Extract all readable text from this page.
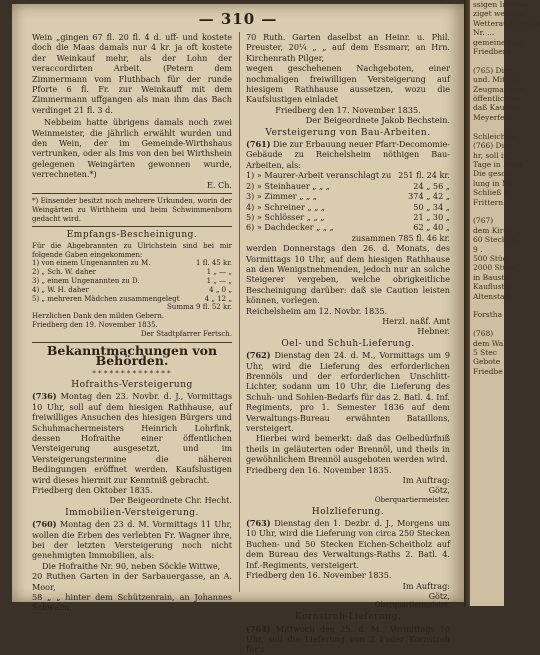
— 310 —

Wein „gingen 67 fl. 20 fl. 4 d. uff- und kostete doch die Maas damals nur 4 kr. ja oft kostete der Weinkauf mehr, als der Lohn der veraccordirten Arbeit. (Petern dem Zimmermann vom Fluthbach für der runde Pforte 6 fl. Fr. zur Weinkauff mit dem Zimmermann uffgangen als man ihm das Bach verdinget 21 fl. 3 d.

Nebbeim hatte übrigens damals noch zwei Weinmeister, die jährlich erwählt wurden und den Wein, der im Gemeinde-Wirthshaus vertrunken, oder als Ims von den bei Wirthshein gelegenen Weingärten gewonnen wurde, verrechneten.*)

E. Ch.

*) Einsender besitzt noch mehrere Urkunden, worin der Weingärten zu Wirthheim und beim Schwimmenborn gedacht wird.

Empfangs-Bescheinigung.

Für die Abgebrannten zu Ulrichstein sind bei mir folgende Gaben eingekommen:

1) von einem Ungenannten zu M.	1 fl. 45 kr.
2) „ Sch. W. daher	1 „ — „
3) „ einem Ungenannten zu D.	1 „ — „
4) „ W. H. daher	4 „ 0 „
5) „ mehreren Mädchen zusammengelegt	4 „ 12 „
Summa 9 fl. 52 kr.

Herzlichen Dank den milden Gebern.

Friedberg den 19. November 1835.

Der Stadtpfarrer Fertsch.

Bekanntmachungen von Behörden.
∗∗∗∗∗∗∗∗∗∗∗∗∗∗
Hofraiths-Versteigerung

(736) Montag den 23. Novbr. d. J., Vormittags 10 Uhr, soll auf dem hiesigen Rathhause, auf freiwilliges Ansuchen des hiesigen Bürgers und Schuhmachermeisters Heinrich Lohrfink, dessen Hofraithe einer öffentlichen Versteigerung ausgesetzt, und im Versteigerungstermine die näheren Bedingungen eröffnet werden. Kaufslustigen wird dieses hiermit zur Kenntniß gebracht.

Friedberg den Oktober 1835.

Der Beigeordnete Chr. Hecht.

Immobilien-Versteigerung.

(760) Montag den 23 d. M. Vormittags 11 Uhr, wollen die Erben des verlebten Fr. Wagner ihre, bei der letzten Versteigerung noch nicht genehmigten Immobilien, als:

Die Hofraithe Nr. 90, neben Söckle Wittwe,

20 Ruthen Garten in der Sarbauergasse, an A. Moor,

58 „ „ hinter dem Schützenrain, an Johannes Schwaim,

70 Ruth. Garten daselbst an Heinr. u. Phil. Preuster, 20¼ „ „ auf dem Essmarr, an Hrn. Kirchenrath Pilger,

wegen geschehenen Nachgeboten, einer nochmaligen freiwilligen Versteigerung auf hiesigem Rathhause aussetzen, wozu die Kaufslustigen einladet

Friedberg den 17. November 1835.

Der Beigeordnete Jakob Bechstein.

Versteigerung von Bau-Arbeiten.

(761) Die zur Erbauung neuer Pfarr-Decomomie-Gebäude zu Reichelsheim nöthigen Bau-Arbeiten, als:

1) » Maurer-Arbeit veranschlagt zu 251 fl. 24 kr.
2) » Steinhauer „ „ „	24 „ 56 „
3) » Zimmer „ „ „	374 „ 42 „
4) » Schreiner „ „ „	50 „ 34 „
5) » Schlösser „ „ „	21 „ 30 „
6) » Dachdecker „ „ „	62 „ 40 „

zusammen 785 fl. 46 kr.

werden Donnerstags den 26. d. Monats, des Vormittags 10 Uhr, auf dem hiesigen Rathhause an den Wenigstnehmenden, jedoch nur an solche Steigerer vergeben, welche obrigkeitliche Bescheinigung darüber: daß sie Caution leisten können, vorlegen.

Reichelsheim am 12. Novbr. 1835.

Herzl. naßf. Amt

Hebner.

Oel- und Schuh-Lieferung.

(762) Dienstag den 24. d. M., Vormittags um 9 Uhr, wird die Lieferung des erforderlichen Brennöls und der erforderlichen Unschlitt-Lichter, sodann um 10 Uhr, die Lieferung des Schuh- und Sohlen-Bedarfs für das 2. Batl. 4. Inf. Regiments, pro 1. Semester 1836 auf dem Verwaltungs-Bureau erwähnten Bataillons, versteigert.

Hierbei wird bemerkt: daß das Oelbedürfniß theils in geläuterten oder Brennöl, und theils in gewöhnlichem Brennöl ausgeboten werden wird.

Friedberg den 16. November 1835.

Im Auftrag:

Götz,

Oberquartiermeister.

Holzlieferung.

(763) Dienstag den 1. Dezbr. d. J., Morgens um 10 Uhr, wird die Lieferung von circa 250 Stecken Buchen- und 50 Stecken Eichen-Scheitholz auf dem Bureau des Verwaltungs-Raths 2. Batl. 4. Inf.-Regiments, versteigert.

Friedberg den 16. November 1835.

Im Auftrag:

Götz,

Oberquartiermeister.

Kornstroh-Lieferung.

(764) Mittwoch den 25. d. M., Vormittags 10 Uhr, soll die Lieferung von 2 Fuder Kornstroh für's

ssigen Inhaber
ziget werden.
Wetterau belegen
Nr. ...
gemeine Inte
Friedberg

(765) Dien
und. Mittags
Zeugmachers
öffentlich ve
daß Kauflust
Meyerfeld

Schleichha
(766) Dien
hr, soll in
Tage in Bettz
Die gesch
lung in Mi
Schließ d
Frittern

(767)
dem Kirch
60 Stecken
9 .
500 Stüc
2000 Stück
in Bausta
Kauflustig
Altenstadt

Forstha

(768)
dem Wal
5 Stec
Gebote
Friedbe
